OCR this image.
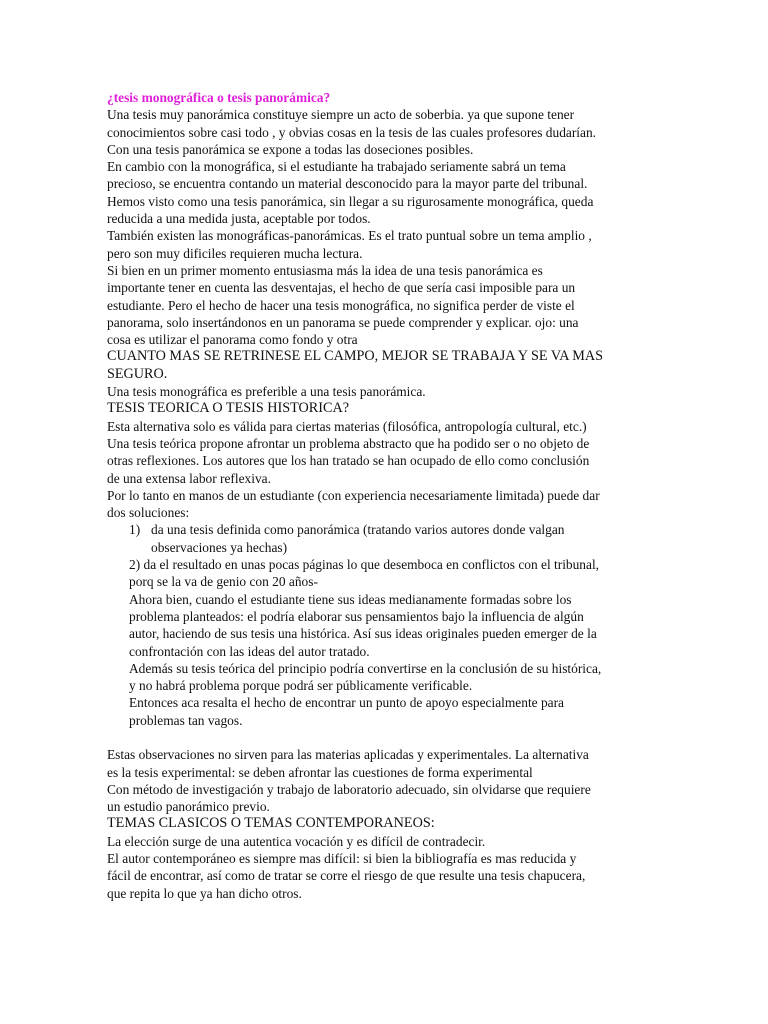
¿tesis monográfica o tesis panorámica?
Una tesis muy panorámica constituye siempre un acto de soberbia. ya que supone tener
conocimientos sobre casi todo , y obvias cosas en la tesis de las cuales profesores dudarían.
Con una tesis panorámica se expone a todas las doseciones posibles.
En cambio con la monográfica, si el estudiante ha trabajado seriamente sabrá un tema
precioso, se encuentra contando un material desconocido para la mayor parte del tribunal.
Hemos visto como una tesis panorámica, sin llegar a su rigurosamente monográfica, queda
reducida a una medida justa, aceptable por todos.
También existen las monográficas-panorámicas. Es el trato puntual sobre un tema amplio ,
pero son muy dificiles requieren mucha lectura.
Si bien en un primer momento entusiasma más la idea de una tesis panorámica es
importante tener en cuenta las desventajas, el hecho de que sería casi imposible para un
estudiante. Pero el hecho de hacer una tesis monográfica, no significa perder de viste el
panorama, solo insertándonos en un panorama se puede comprender y explicar. ojo: una
cosa es utilizar el panorama como fondo y otra
CUANTO MAS SE RETRINESE EL CAMPO, MEJOR SE TRABAJA Y SE VA MAS
SEGURO.
Una tesis monográfica es preferible a una tesis panorámica.
TESIS TEORICA O TESIS HISTORICA?
Esta alternativa solo es válida para ciertas materias (filosófica, antropología cultural, etc.)
Una tesis teórica propone afrontar un problema abstracto que ha podido ser o no objeto de
otras reflexiones. Los autores que los han tratado se han ocupado de ello como conclusión
de una extensa labor reflexiva.
Por lo tanto en manos de un estudiante (con experiencia necesariamente limitada) puede dar
dos soluciones:
1) da una tesis definida como panorámica (tratando varios autores donde valgan
observaciones ya hechas)
2) da el resultado en unas pocas páginas lo que desemboca en conflictos con el tribunal,
porq se la va de genio con 20 años-
Ahora bien, cuando el estudiante tiene sus ideas medianamente formadas sobre los
problema planteados: el podría elaborar sus pensamientos bajo la influencia de algún
autor, haciendo de sus tesis una histórica. Así sus ideas originales pueden emerger de la
confrontación con las ideas del autor tratado.
Además su tesis teórica del principio podría convertirse en la conclusión de su histórica,
y no habrá problema porque podrá ser públicamente verificable.
Entonces aca resalta el hecho de encontrar un punto de apoyo especialmente para
problemas tan vagos.
Estas observaciones no sirven para las materias aplicadas y experimentales. La alternativa
es la tesis experimental: se deben afrontar las cuestiones de forma experimental
Con método de investigación y trabajo de laboratorio adecuado, sin olvidarse que requiere
un estudio panorámico previo.
TEMAS CLASICOS O TEMAS CONTEMPORANEOS:
La elección surge de una autentica vocación y es difícil de contradecir.
El autor contemporáneo es siempre mas difícil: si bien la bibliografía es mas reducida y
fácil de encontrar, así como de tratar se corre el riesgo de que resulte una tesis chapucera,
que repita lo que ya han dicho otros.
